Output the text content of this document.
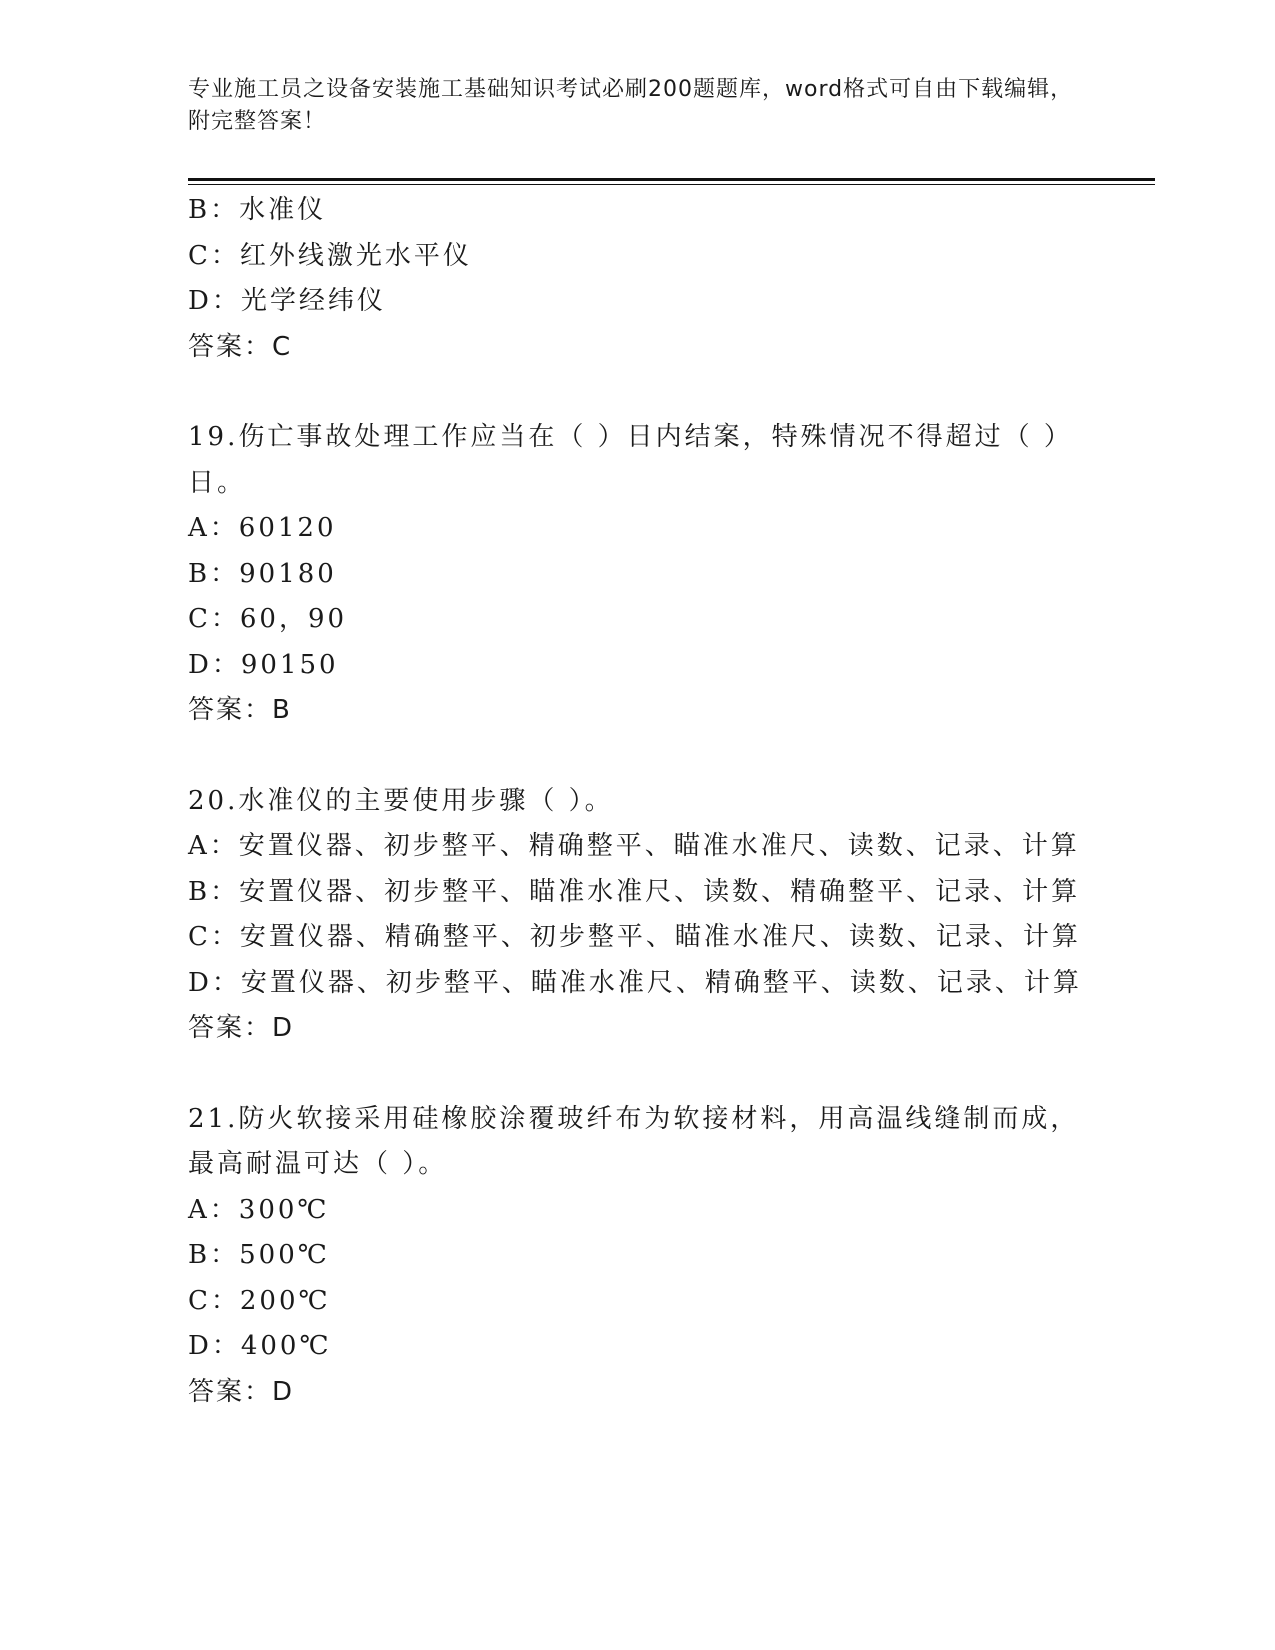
专业施工员之设备安装施工基础知识考试必刷200题题库，word格式可自由下载编辑，附完整答案！
B：水准仪
C：红外线激光水平仪
D：光学经纬仪
答案：C
19.伤亡事故处理工作应当在（ ）日内结案，特殊情况不得超过（ ）日。
A：60120
B：90180
C：60，90
D：90150
答案：B
20.水准仪的主要使用步骤（ ）。
A：安置仪器、初步整平、精确整平、瞄准水准尺、读数、记录、计算
B：安置仪器、初步整平、瞄准水准尺、读数、精确整平、记录、计算
C：安置仪器、精确整平、初步整平、瞄准水准尺、读数、记录、计算
D：安置仪器、初步整平、瞄准水准尺、精确整平、读数、记录、计算
答案：D
21.防火软接采用硅橡胶涂覆玻纤布为软接材料，用高温线缝制而成，最高耐温可达（ ）。
A：300℃
B：500℃
C：200℃
D：400℃
答案：D
